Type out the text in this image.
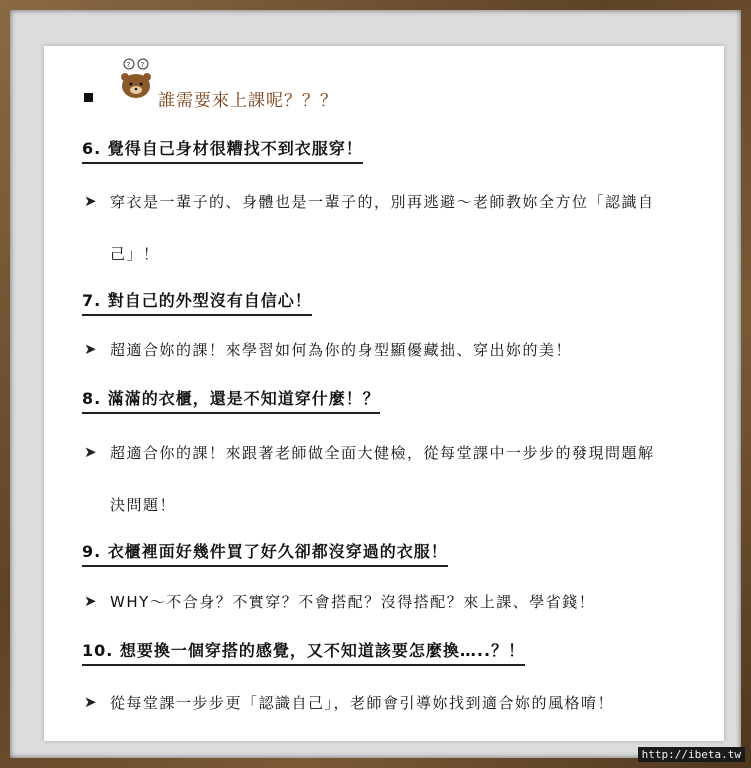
? ?
誰需要來上課呢？？？
6. 覺得自己身材很糟找不到衣服穿！
➤ 穿衣是一輩子的、身體也是一輩子的，別再逃避～老師教妳全方位「認識自
己」！
7. 對自己的外型沒有自信心！
➤ 超適合妳的課！來學習如何為你的身型顯優藏拙、穿出妳的美！
8. 滿滿的衣櫃，還是不知道穿什麼！？
➤ 超適合你的課！來跟著老師做全面大健檢，從每堂課中一步步的發現問題解
決問題！
9. 衣櫃裡面好幾件買了好久卻都沒穿過的衣服！
➤ WHY～不合身？不實穿？不會搭配？沒得搭配？來上課、學省錢！
10. 想要換一個穿搭的感覺，又不知道該要怎麼換…..？！
➤ 從每堂課一步步更「認識自己」，老師會引導妳找到適合妳的風格唷！
http://ibeta.tw
